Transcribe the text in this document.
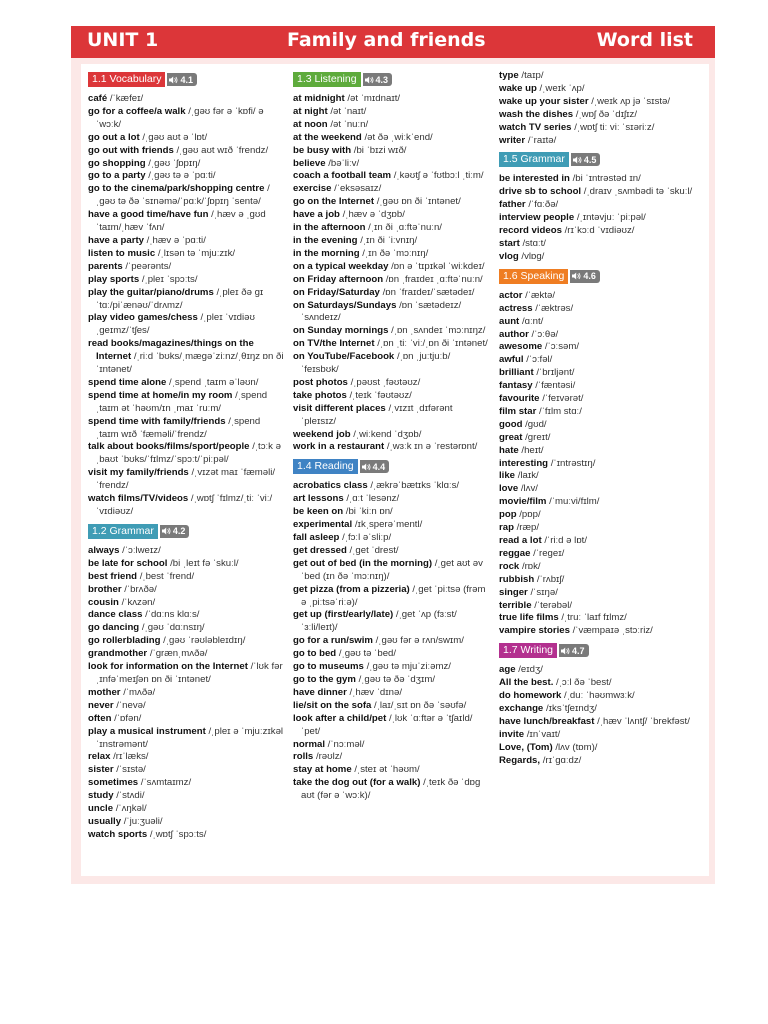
UNIT 1	Family and friends	Word list
1.1 Vocabulary	4.1

café /ˈkæfeɪ/

go for a coffee/a walk /ˌɡəʊ fər ə ˈkɒfi/ ə ˈwɔːk/

go out a lot /ˌɡəʊ aʊt ə ˈlɒt/

go out with friends /ˌɡəʊ aʊt wɪð ˈfrendz/

go shopping /ˌɡəʊ ˈʃɒpɪŋ/

go to a party /ˌɡəʊ tə ə ˈpɑːti/

go to the cinema/park/shopping centre /ˌɡəʊ tə ðə ˈsɪnəmə/ˈpɑːk/ˈʃɒpɪŋ ˈsentə/

have a good time/have fun /ˌhæv ə ˌɡʊd ˈtaɪm/ˌhæv ˈfʌn/

have a party /ˌhæv ə ˈpɑːti/

listen to music /ˌlɪsən tə ˈmjuːzɪk/

parents /ˈpeərənts/

play sports /ˌpleɪ ˈspɔːts/

play the guitar/piano/drums /ˌpleɪ ðə ɡɪˈtɑː/piˈænəʊ/ˈdrʌmz/

play video games/chess /ˌpleɪ ˈvɪdiəʊ ˌɡeɪmz/ˈtʃes/

read books/magazines/things on the Internet /ˌriːd ˈbʊks/ˌmæɡəˈziːnz/ˌθɪŋz ɒn ði ˈɪntənet/

spend time alone /ˌspend ˌtaɪm əˈləʊn/

spend time at home/in my room /ˌspend ˌtaɪm ət ˈhəʊm/ɪn ˌmaɪ ˈruːm/

spend time with family/friends /ˌspend ˌtaɪm wɪð ˈfæməli/ˈfrendz/

talk about books/films/sport/people /ˌtɔːk əˌbaʊt ˈbʊks/ˈfɪlmz/ˈspɔːt/ˈpiːpəl/

visit my family/friends /ˌvɪzət maɪ ˈfæməli/ˈfrendz/

watch films/TV/videos /ˌwɒtʃ ˈfɪlmz/ˌtiː ˈviː/ˈvɪdiəʊz/

1.2 Grammar	4.2

always /ˈɔːlweɪz/

be late for school /bi ˌleɪt fə ˈskuːl/

best friend /ˌbest ˈfrend/

brother /ˈbrʌðə/

cousin /ˈkʌzən/

dance class /ˈdɑːns klɑːs/

go dancing /ˌɡəʊ ˈdɑːnsɪŋ/

go rollerblading /ˌɡəʊ ˈrəʊləbleɪdɪŋ/

grandmother /ˈɡrænˌmʌðə/

look for information on the Internet /ˈlʊk fər ˌɪnfəˈmeɪʃən ɒn ði ˈɪntənet/

mother /ˈmʌðə/

never /ˈnevə/

often /ˈɒfən/

play a musical instrument /ˌpleɪ ə ˈmjuːzɪkəl ˈɪnstrəmənt/

relax /rɪˈlæks/

sister /ˈsɪstə/

sometimes /ˈsʌmtaɪmz/

study /ˈstʌdi/

uncle /ˈʌŋkəl/

usually /ˈjuːʒuəli/

watch sports /ˌwɒtʃ ˈspɔːts/

1.3 Listening	4.3

at midnight /ət ˈmɪdnaɪt/

at night /ət ˈnaɪt/

at noon /ət ˈnuːn/

at the weekend /ət ðə ˌwiːkˈend/

be busy with /bi ˈbɪzi wɪð/

believe /bəˈliːv/

coach a football team /ˌkəʊtʃ ə ˈfʊtbɔːl ˌtiːm/

exercise /ˈeksəsaɪz/

go on the Internet /ˌɡəʊ ɒn ði ˈɪntənet/

have a job /ˌhæv ə ˈdʒɒb/

in the afternoon /ˌɪn ði ˌɑːftəˈnuːn/

in the evening /ˌɪn ði ˈiːvnɪŋ/

in the morning /ˌɪn ðə ˈmɔːnɪŋ/

on a typical weekday /ɒn ə ˈtɪpɪkəl ˈwiːkdeɪ/

on Friday afternoon /ɒn ˌfraɪdeɪ ˌɑːftəˈnuːn/

on Friday/Saturday /ɒn ˈfraɪdeɪ/ˈsætədeɪ/

on Saturdays/Sundays /ɒn ˈsætədeɪz/ ˈsʌndeɪz/

on Sunday mornings /ˌɒn ˌsʌndeɪ ˈmɔːnɪŋz/

on TV/the Internet /ˌɒn ˌtiː ˈviː/ˌɒn ði ˈɪntənet/

on YouTube/Facebook /ˌɒn ˌjuːtjuːb/ ˈfeɪsbʊk/

post photos /ˌpəʊst ˌfəʊtəʊz/

take photos /ˌteɪk ˈfəʊtəʊz/

visit different places /ˌvɪzɪt ˌdɪfərənt ˈpleɪsɪz/

weekend job /ˌwiːkend ˈdʒɒb/

work in a restaurant /ˌwɜːk ɪn ə ˈrestərɒnt/

1.4 Reading	4.4

acrobatics class /ˌækrəˈbætɪks ˈklɑːs/

art lessons /ˌɑːt ˈlesənz/

be keen on /bi ˈkiːn ɒn/

experimental /ɪkˌsperəˈmentl/

fall asleep /ˌfɔːl əˈsliːp/

get dressed /ˌɡet ˈdrest/

get out of bed (in the morning) /ˌɡet aʊt əv ˈbed (ɪn ðə ˈmɔːnɪŋ)/

get pizza (from a pizzeria) /ˌɡet ˈpiːtsə (frəm ə ˌpiːtsəˈriːə)/

get up (first/early/late) /ˌɡet ˈʌp (fɜːst/ˈɜːli/leɪt)/

go for a run/swim /ˌɡəʊ fər ə rʌn/swɪm/

go to bed /ˌɡəʊ tə ˈbed/

go to museums /ˌɡəʊ tə mjuˈziːəmz/

go to the gym /ˌɡəʊ tə ðə ˈdʒɪm/

have dinner /ˌhæv ˈdɪnə/

lie/sit on the sofa /ˌlaɪ/ˌsɪt ɒn ðə ˈsəʊfə/

look after a child/pet /ˌlʊk ˈɑːftər ə ˈtʃaɪld/ˈpet/

normal /ˈnɔːməl/

rolls /rəʊlz/

stay at home /ˌsteɪ ət ˈhəʊm/

take the dog out (for a walk) /ˌteɪk ðə ˈdɒɡ aʊt (fər ə ˈwɔːk)/

type /taɪp/

wake up /ˌweɪk ˈʌp/

wake up your sister /ˌweɪk ʌp jə ˈsɪstə/

wash the dishes /ˌwɒʃ ðə ˈdɪʃɪz/

watch TV series /ˌwɒtʃ tiː viː ˈsɪəriːz/

writer /ˈraɪtə/

1.5 Grammar	4.5

be interested in /bi ˈɪntrəstəd ɪn/

drive sb to school /ˌdraɪv ˌsʌmbədi tə ˈskuːl/

father /ˈfɑːðə/

interview people /ˌɪntəvjuː ˈpiːpəl/

record videos /rɪˈkɔːd ˈvɪdiəʊz/

start /stɑːt/

vlog /vlɒɡ/

1.6 Speaking	4.6

actor /ˈæktə/

actress /ˈæktrəs/

aunt /ɑːnt/

author /ˈɔːθə/

awesome /ˈɔːsəm/

awful /ˈɔːfəl/

brilliant /ˈbrɪljənt/

fantasy /ˈfæntəsi/

favourite /ˈfeɪvərət/

film star /ˈfɪlm stɑː/

good /ɡʊd/

great /ɡreɪt/

hate /heɪt/

interesting /ˈɪntrəstɪŋ/

like /laɪk/

love /lʌv/

movie/film /ˈmuːvi/fɪlm/

pop /pɒp/

rap /ræp/

read a lot /ˈriːd ə lɒt/

reggae /ˈreɡeɪ/

rock /rɒk/

rubbish /ˈrʌbɪʃ/

singer /ˈsɪŋə/

terrible /ˈterəbəl/

true life films /ˌtruː ˈlaɪf fɪlmz/

vampire stories /ˈvæmpaɪə ˌstɔːriz/

1.7 Writing	4.7

age /eɪdʒ/

All the best. /ˌɔːl ðə ˈbest/

do homework /ˌduː ˈhəʊmwɜːk/

exchange /ɪksˈtʃeɪndʒ/

have lunch/breakfast /ˌhæv ˈlʌntʃ/ ˈbrekfəst/

invite /ɪnˈvaɪt/

Love, (Tom) /lʌv (tɒm)/

Regards, /rɪˈɡɑːdz/
